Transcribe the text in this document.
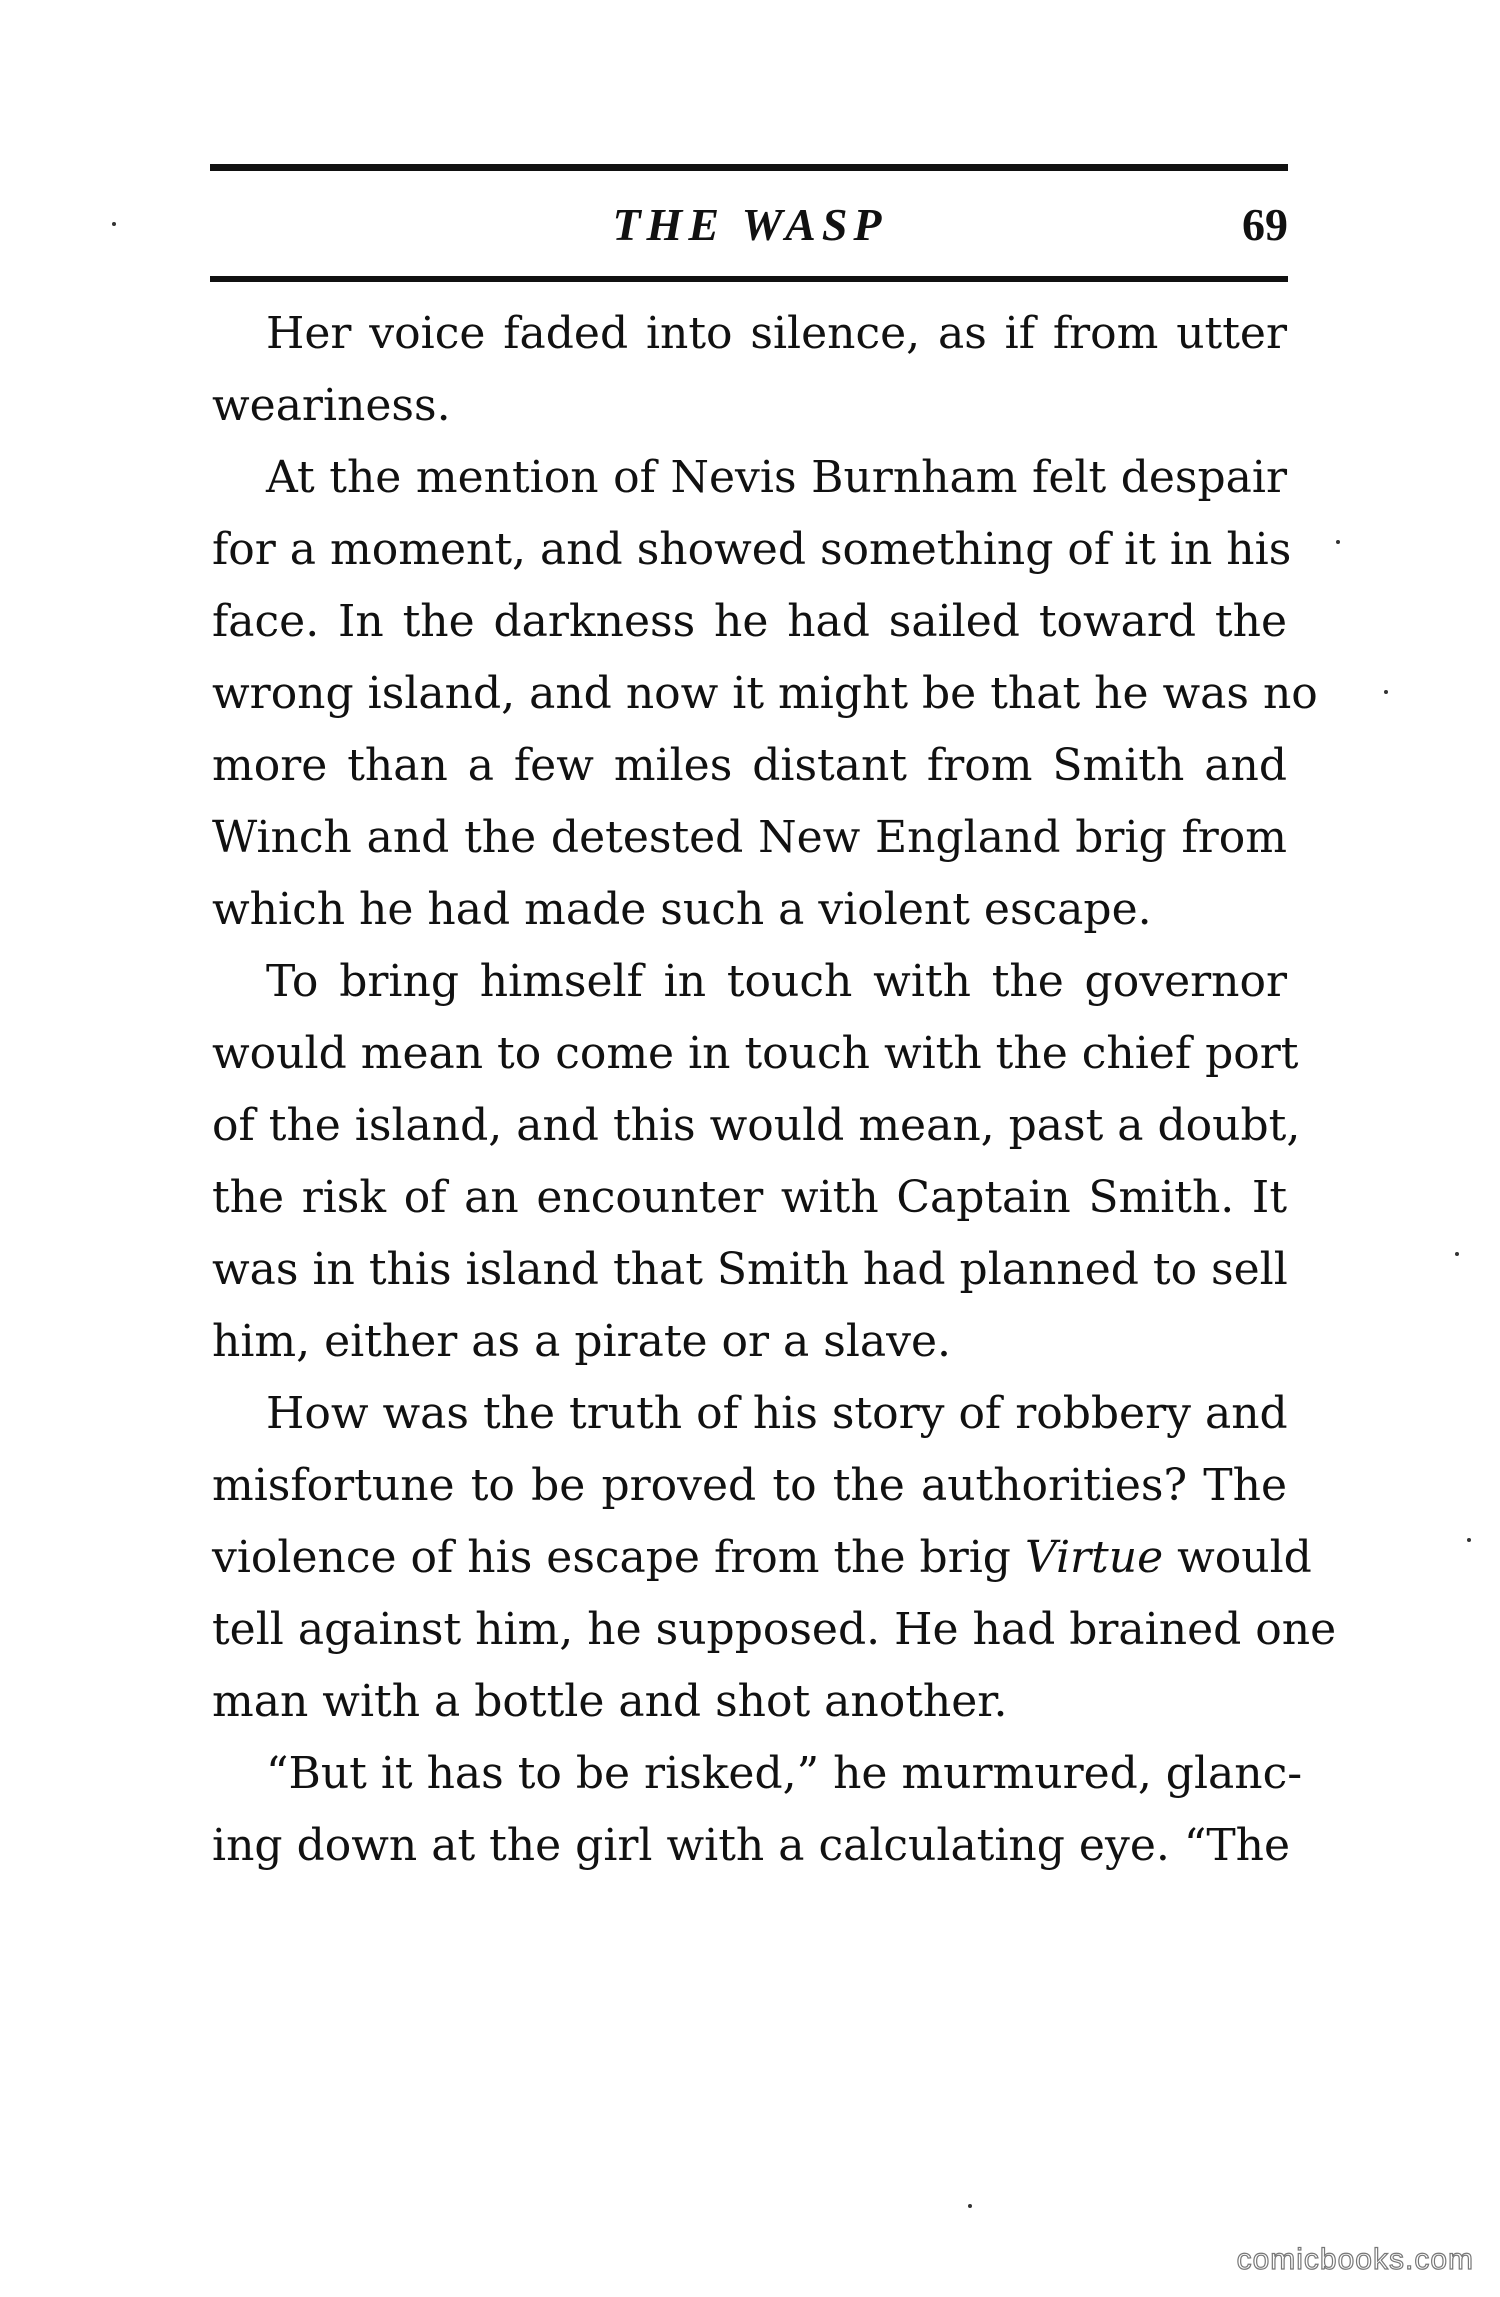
THE WASP	69
Her voice faded into silence, as if from utter
weariness.
At the mention of Nevis Burnham felt despair
for a moment, and showed something of it in his
face. In the darkness he had sailed toward the
wrong island, and now it might be that he was no
more than a few miles distant from Smith and
Winch and the detested New England brig from
which he had made such a violent escape.
To bring himself in touch with the governor
would mean to come in touch with the chief port
of the island, and this would mean, past a doubt,
the risk of an encounter with Captain Smith. It
was in this island that Smith had planned to sell
him, either as a pirate or a slave.
How was the truth of his story of robbery and
misfortune to be proved to the authorities? The
violence of his escape from the brig Virtue would
tell against him, he supposed. He had brained one
man with a bottle and shot another.
“But it has to be risked,” he murmured, glanc-
ing down at the girl with a calculating eye. “The
comicbooks.com
